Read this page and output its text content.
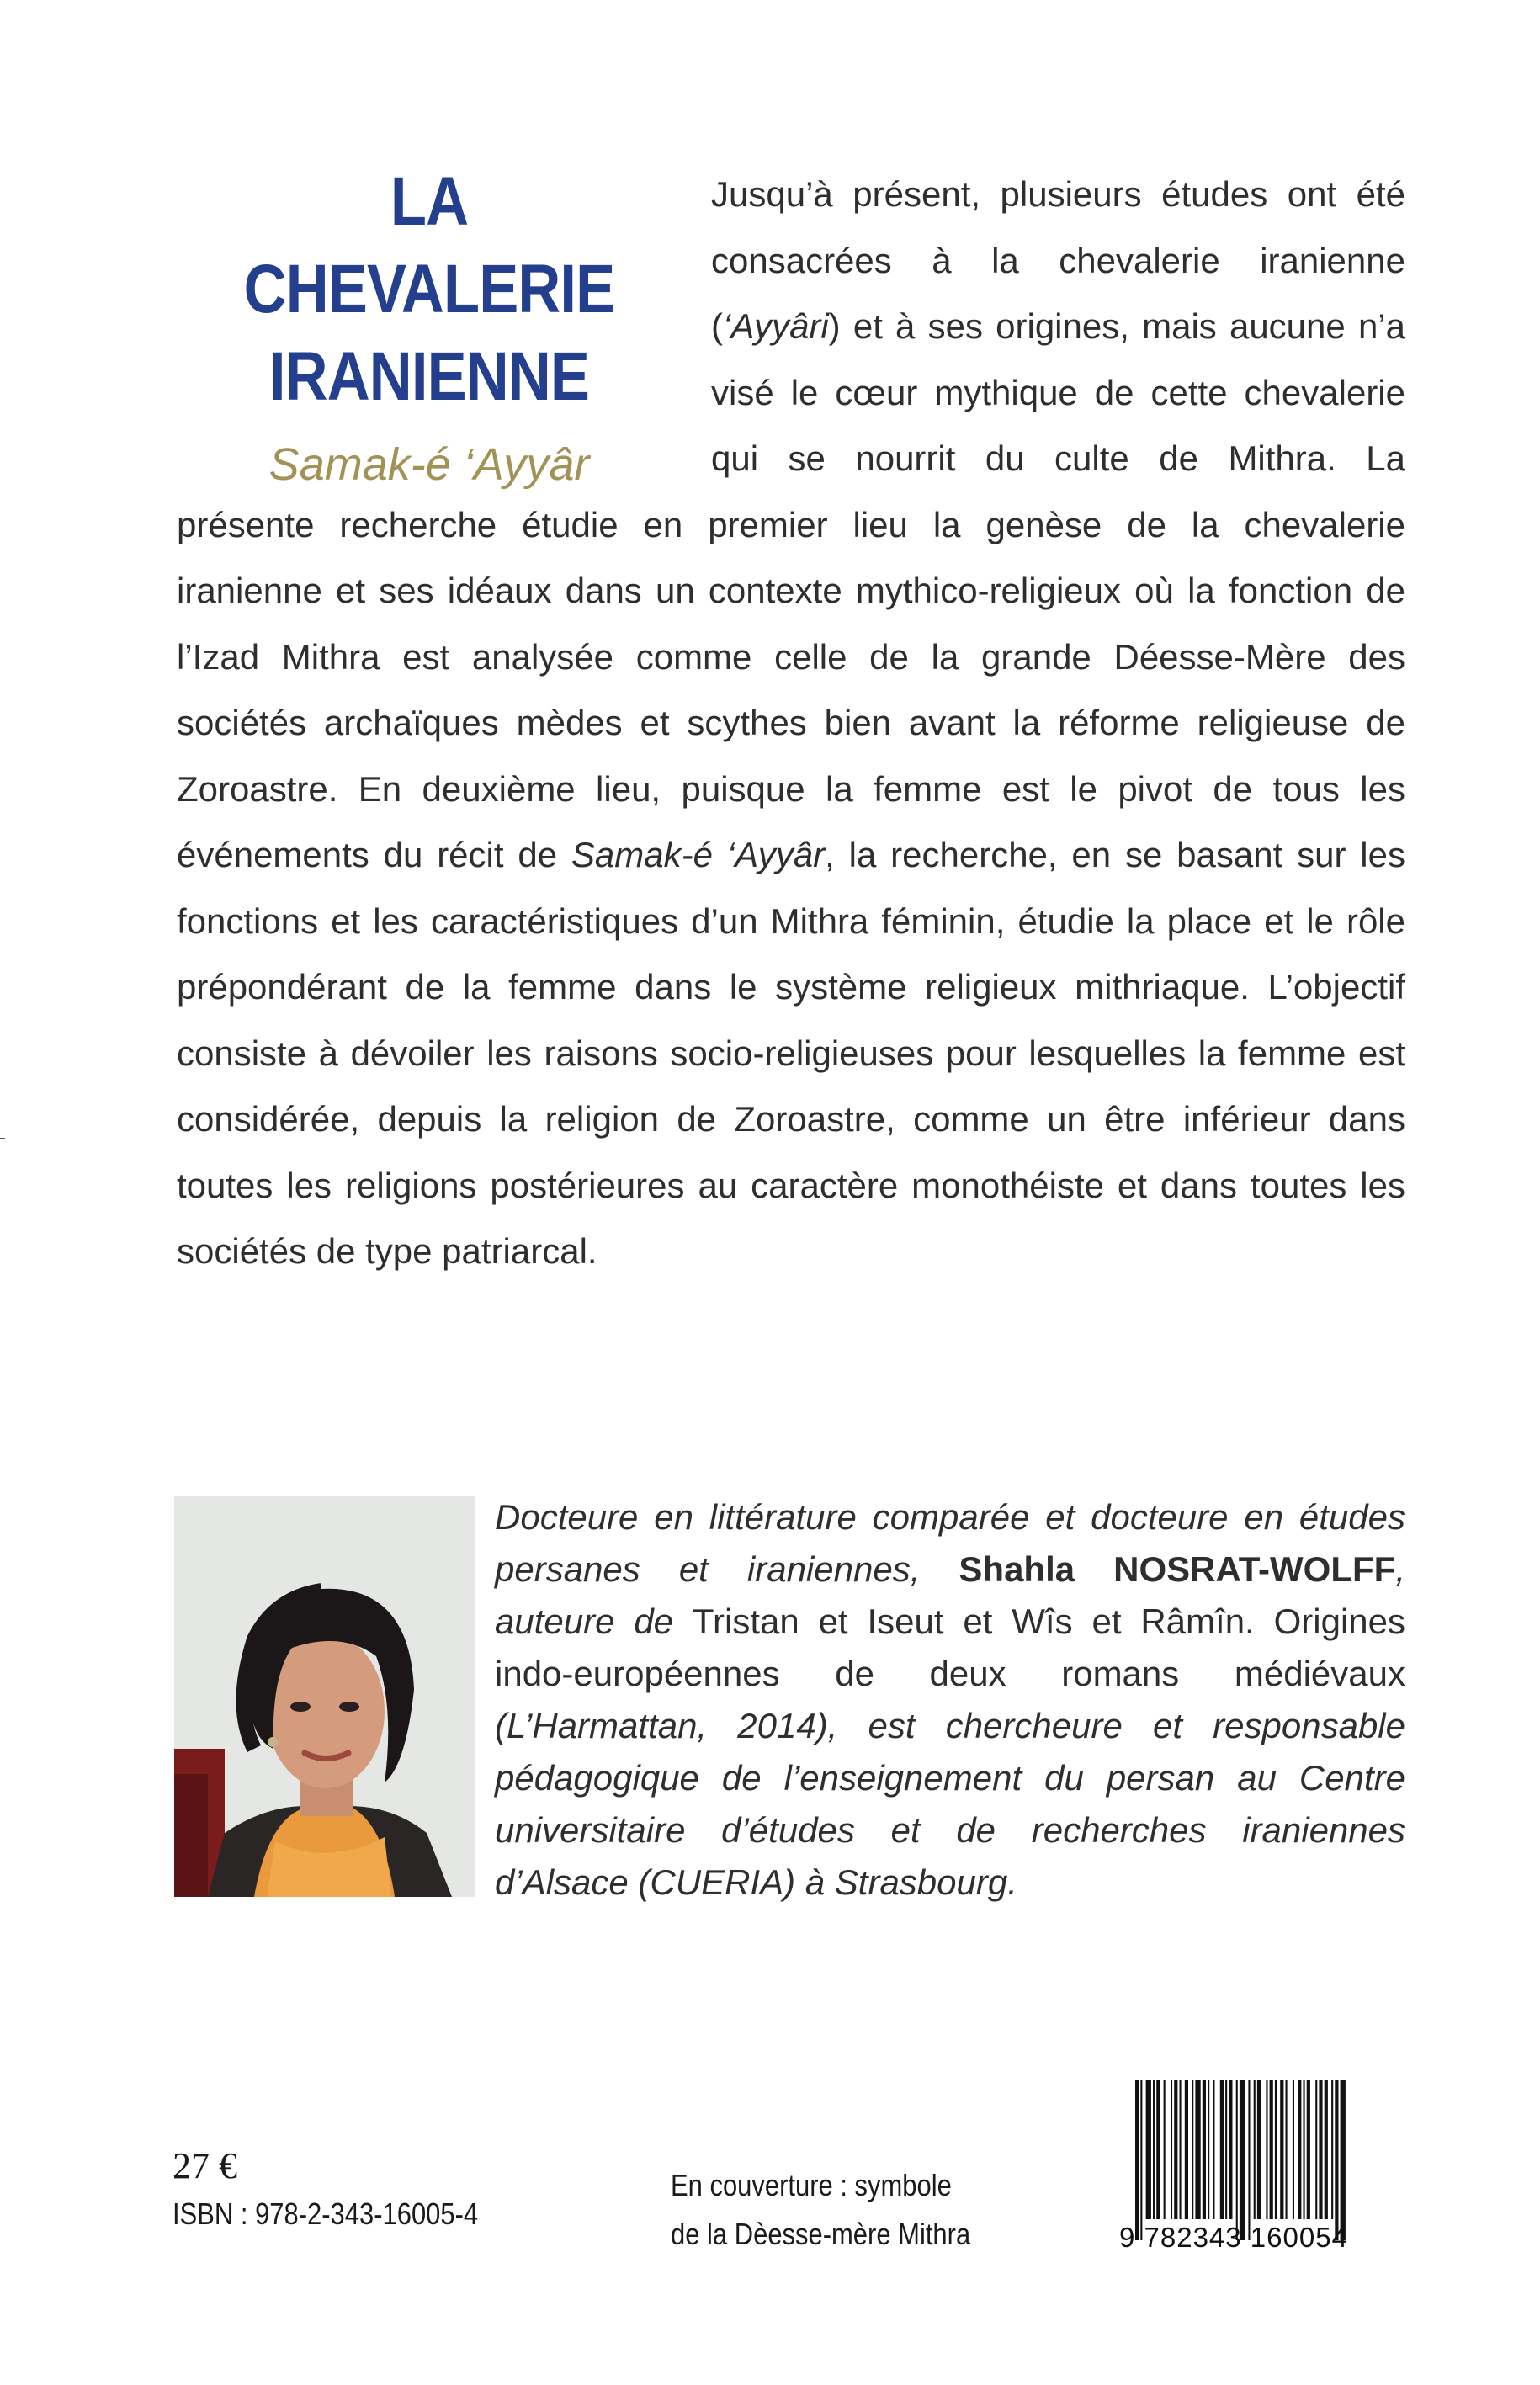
LA CHEVALERIE
IRANIENNE
Samak-é ‘Ayyâr

Jusqu’à présent, plusieurs études ont été consacrées à la chevalerie iranienne (‘Ayyâri) et à ses origines, mais aucune n’a visé le cœur mythique de cette chevalerie qui se nourrit du culte de Mithra. La présente recherche étudie en premier lieu la genèse de la chevalerie iranienne et ses idéaux dans un contexte mythico-religieux où la fonction de l’Izad Mithra est analysée comme celle de la grande Déesse-Mère des sociétés archaïques mèdes et scythes bien avant la réforme religieuse de Zoroastre. En deuxième lieu, puisque la femme est le pivot de tous les événements du récit de Samak-é ‘Ayyâr, la recherche, en se basant sur les fonctions et les caractéristiques d’un Mithra féminin, étudie la place et le rôle prépondérant de la femme dans le système religieux mithriaque. L’objectif consiste à dévoiler les raisons socio-religieuses pour lesquelles la femme est considérée, depuis la religion de Zoroastre, comme un être inférieur dans toutes les religions postérieures au caractère monothéiste et dans toutes les sociétés de type patriarcal.

Docteure en littérature comparée et docteure en études persanes et iraniennes, Shahla NOSRAT-WOLFF, auteure de Tristan et Iseut et Wîs et Râmîn. Origines indo-européennes de deux romans médiévaux (L’Harmattan, 2014), est chercheure et responsable pédagogique de l’enseignement du persan au Centre universitaire d’études et de recherches iraniennes d’Alsace (CUERIA) à Strasbourg.

27 €
ISBN : 978-2-343-16005-4
En couverture : symbole
de la Dèesse-mère Mithra	9 782343 160054
